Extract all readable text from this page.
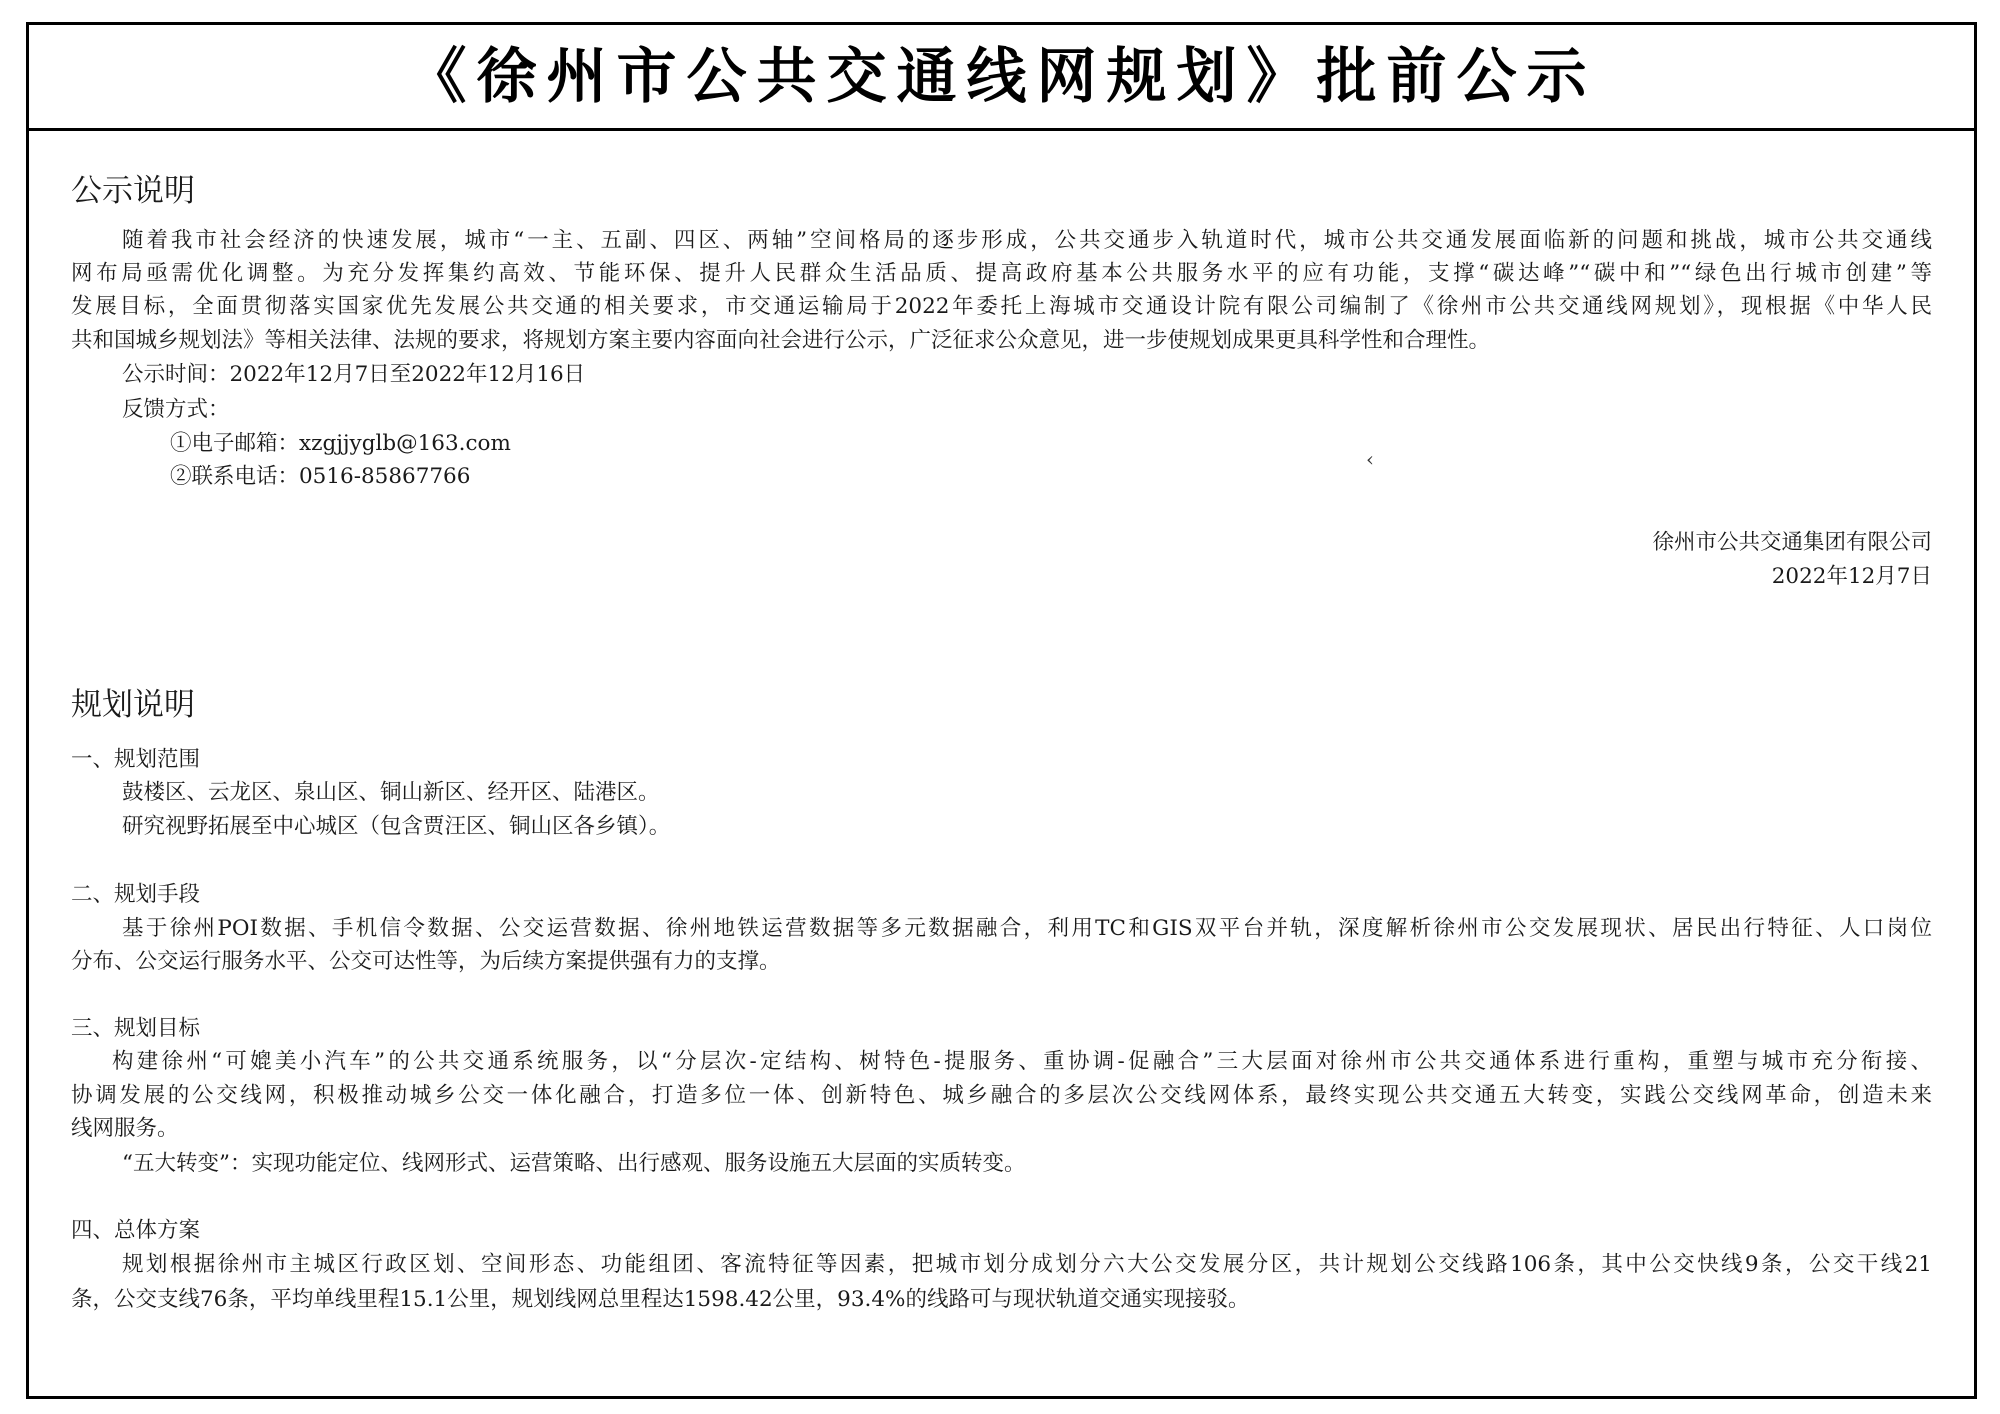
《徐州市公共交通线网规划》批前公示
公示说明
随着我市社会经济的快速发展，城市“一主、五副、四区、两轴”空间格局的逐步形成，公共交通步入轨道时代，城市公共交通发展面临新的问题和挑战，城市公共交通线
网布局亟需优化调整。为充分发挥集约高效、节能环保、提升人民群众生活品质、提高政府基本公共服务水平的应有功能，支撑“碳达峰”“碳中和”“绿色出行城市创建”等
发展目标，全面贯彻落实国家优先发展公共交通的相关要求，市交通运输局于2022年委托上海城市交通设计院有限公司编制了《徐州市公共交通线网规划》，现根据《中华人民
共和国城乡规划法》等相关法律、法规的要求，将规划方案主要内容面向社会进行公示，广泛征求公众意见，进一步使规划成果更具科学性和合理性。
公示时间：2022年12月7日至2022年12月16日
反馈方式：
①电子邮箱：xzgjjyglb@163.com
②联系电话：0516-85867766
‹
徐州市公共交通集团有限公司
2022年12月7日
规划说明
一、规划范围
鼓楼区、云龙区、泉山区、铜山新区、经开区、陆港区。
研究视野拓展至中心城区（包含贾汪区、铜山区各乡镇）。
二、规划手段
基于徐州POI数据、手机信令数据、公交运营数据、徐州地铁运营数据等多元数据融合，利用TC和GIS双平台并轨，深度解析徐州市公交发展现状、居民出行特征、人口岗位
分布、公交运行服务水平、公交可达性等，为后续方案提供强有力的支撑。
三、规划目标
构建徐州“可媲美小汽车”的公共交通系统服务，以“分层次-定结构、树特色-提服务、重协调-促融合”三大层面对徐州市公共交通体系进行重构，重塑与城市充分衔接、
协调发展的公交线网，积极推动城乡公交一体化融合，打造多位一体、创新特色、城乡融合的多层次公交线网体系，最终实现公共交通五大转变，实践公交线网革命，创造未来
线网服务。
“五大转变”：实现功能定位、线网形式、运营策略、出行感观、服务设施五大层面的实质转变。
四、总体方案
规划根据徐州市主城区行政区划、空间形态、功能组团、客流特征等因素，把城市划分成划分六大公交发展分区，共计规划公交线路106条，其中公交快线9条，公交干线21
条，公交支线76条，平均单线里程15.1公里，规划线网总里程达1598.42公里，93.4%的线路可与现状轨道交通实现接驳。
